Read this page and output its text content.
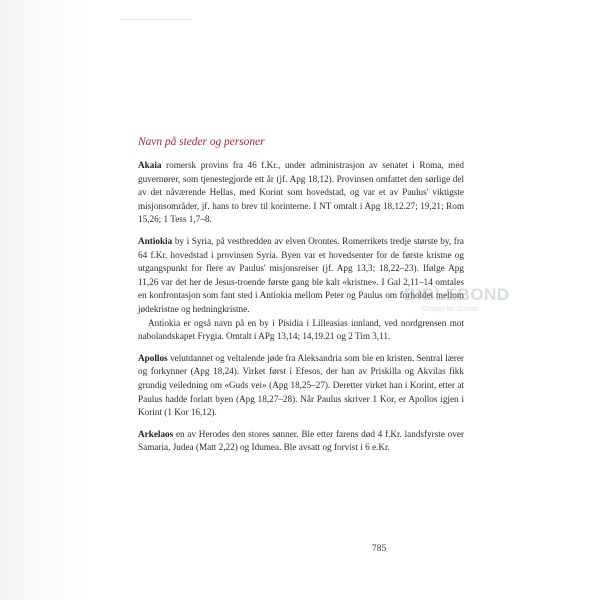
Navn på steder og personer

Akaia romersk provins fra 46 f.Kr., under administrasjon av senatet i Roma, med guvernører, som tjenestegjorde ett år (jf. Apg 18,12). Provinsen omfattet den sørlige del av det nåværende Hellas, med Korint som hovedstad, og var et av Paulus' viktigste misjonsområder, jf. hans to brev til korinterne. I NT omtalt i Apg 18,12.27; 19,21; Rom 15,26; 1 Tess 1,7–8.

Antiokia by i Syria, på vestbredden av elven Orontes. Romerrikets tredje største by, fra 64 f.Kr. hovedstad i provinsen Syria. Byen var et hovedsenter for de første kristne og utgangspunkt for flere av Paulus' misjonsreiser (jf. Apg 13,3; 18,22–23). Ifølge Apg 11,26 var det her de Jesus-troende første gang ble kalt «kristne». I Gal 2,11–14 omtales en konfrontasjon som fant sted i Antiokia mellom Peter og Paulus om forholdet mellom jødekristne og hedningkristne.

Antiokia er også navn på en by i Pisidia i Lilleasias innland, ved nordgrensen mot nabolandskapet Frygia. Omtalt i APg 13,14; 14,19.21 og 2 Tim 3,11.

Apollos velutdannet og veltalende jøde fra Aleksandria som ble en kristen. Sentral lærer og forkynner (Apg 18,24). Virket først i Efesos, der han av Priskilla og Akvilas fikk grundig veiledning om «Guds vei» (Apg 18,25–27). Deretter virket han i Korint, etter at Paulus hadde forlatt byen (Apg 18,27–28). Når Paulus skriver 1 Kor, er Apollos igjen i Korint (1 Kor 16,12).

Arkelaos en av Herodes den stores sønner. Ble etter farens død 4 f.Kr. landsfyrste over Samaria, Judea (Matt 2,22) og Idumea. Ble avsatt og forvist i 6 e.Kr.

BIBLEBOND
Gospel for Guests
785
